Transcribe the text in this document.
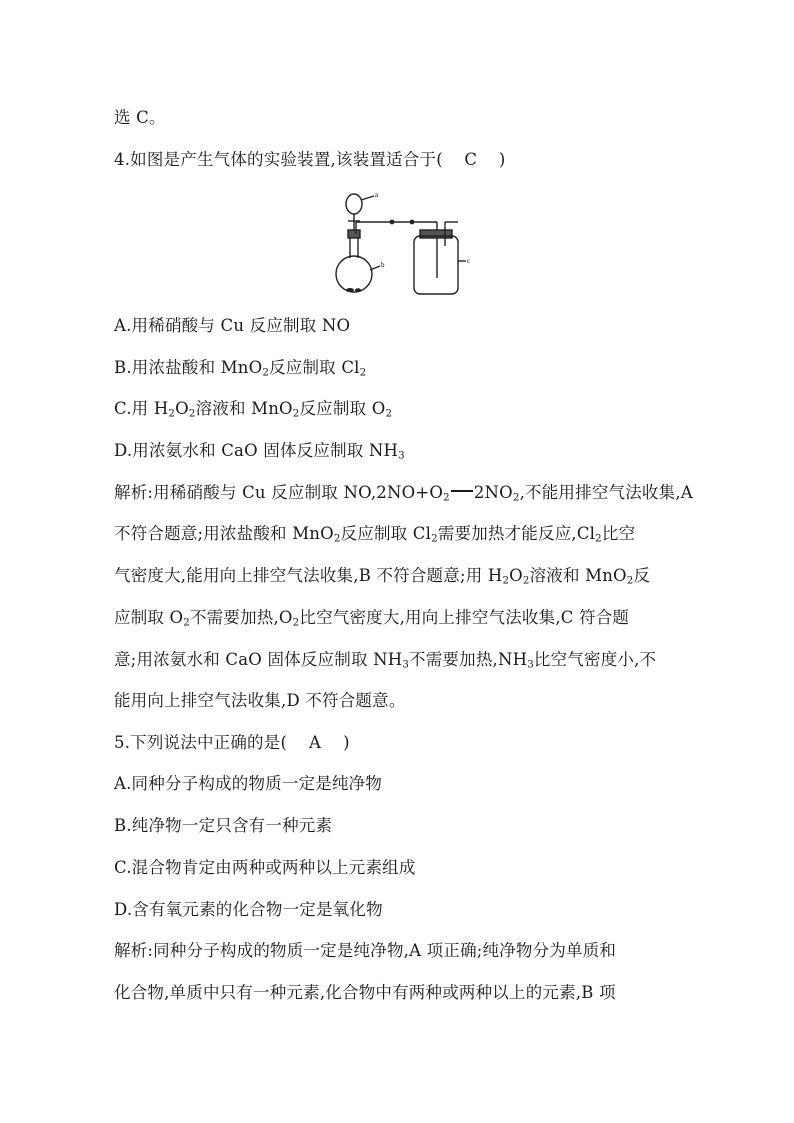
选 C。
4.如图是产生气体的实验装置,该装置适合于( C )
a
b	c
A.用稀硝酸与 Cu 反应制取 NO
B.用浓盐酸和 MnO$_2$反应制取 $Cl_2$
C.用 $H_2O_2$溶液和 MnO$_2$反应制取 $O_2$
D.用浓氨水和 CaO 固体反应制取 $NH_3$
解析:用稀硝酸与 Cu 反应制取 $NO,2NO+O_2$ $2NO_2$,不能用排空气法收集,A
不符合题意;用浓盐酸和 MnO$_2$反应制取 $Cl_2$需要加热才能反应$,Cl_2$比空
气密度大,能用向上排空气法收集,B 不符合题意;用 $H_2O_2$溶液和 MnO$_2$反
应制取 $O_2$不需要加热$,O_2$比空气密度大,用向上排空气法收集,C 符合题
意;用浓氨水和 CaO 固体反应制取 $NH_3$不需要加热$,NH_3$比空气密度小,不
能用向上排空气法收集,D 不符合题意。
5.下列说法中正确的是( A )
A.同种分子构成的物质一定是纯净物
B.纯净物一定只含有一种元素
C.混合物肯定由两种或两种以上元素组成
D.含有氧元素的化合物一定是氧化物
解析:同种分子构成的物质一定是纯净物,A 项正确;纯净物分为单质和
化合物,单质中只有一种元素,化合物中有两种或两种以上的元素,B 项
